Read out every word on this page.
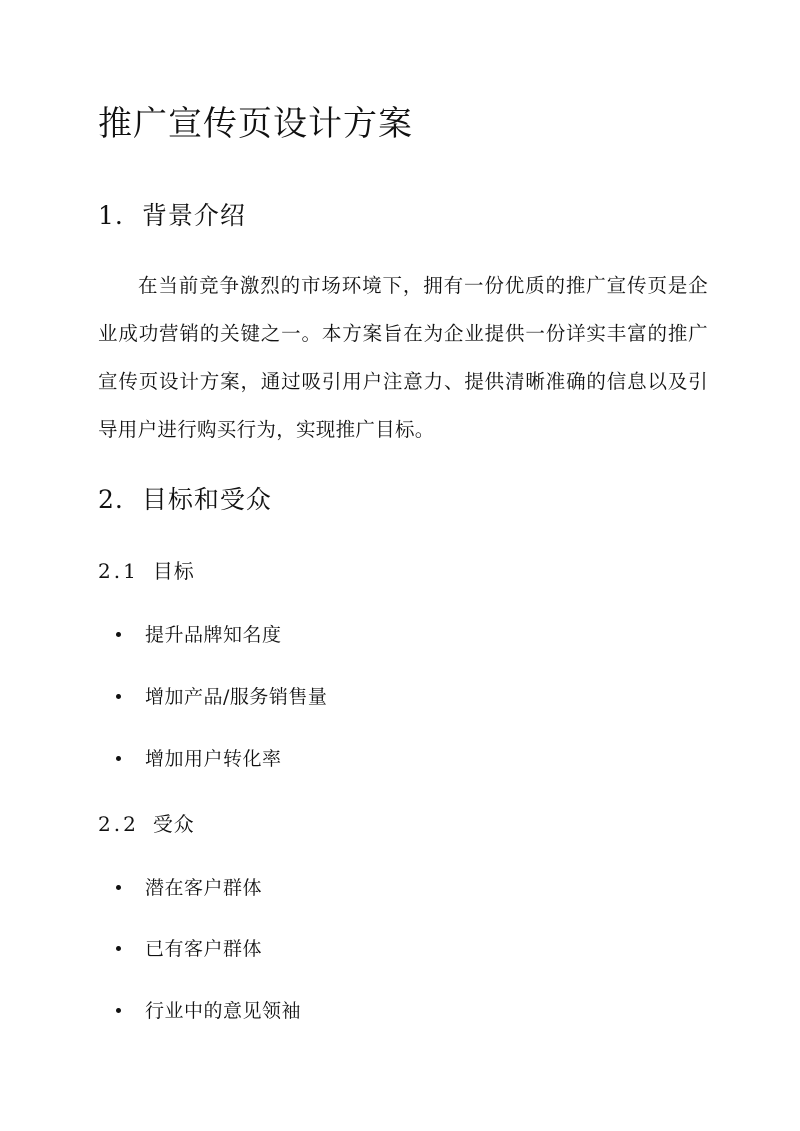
推广宣传页设计方案
1. 背景介绍

在当前竞争激烈的市场环境下，拥有一份优质的推广宣传页是企业成功营销的关键之一。本方案旨在为企业提供一份详实丰富的推广宣传页设计方案，通过吸引用户注意力、提供清晰准确的信息以及引导用户进行购买行为，实现推广目标。

2. 目标和受众
2.1 目标
提升品牌知名度
增加产品/服务销售量
增加用户转化率
2.2 受众
潜在客户群体
已有客户群体
行业中的意见领袖
